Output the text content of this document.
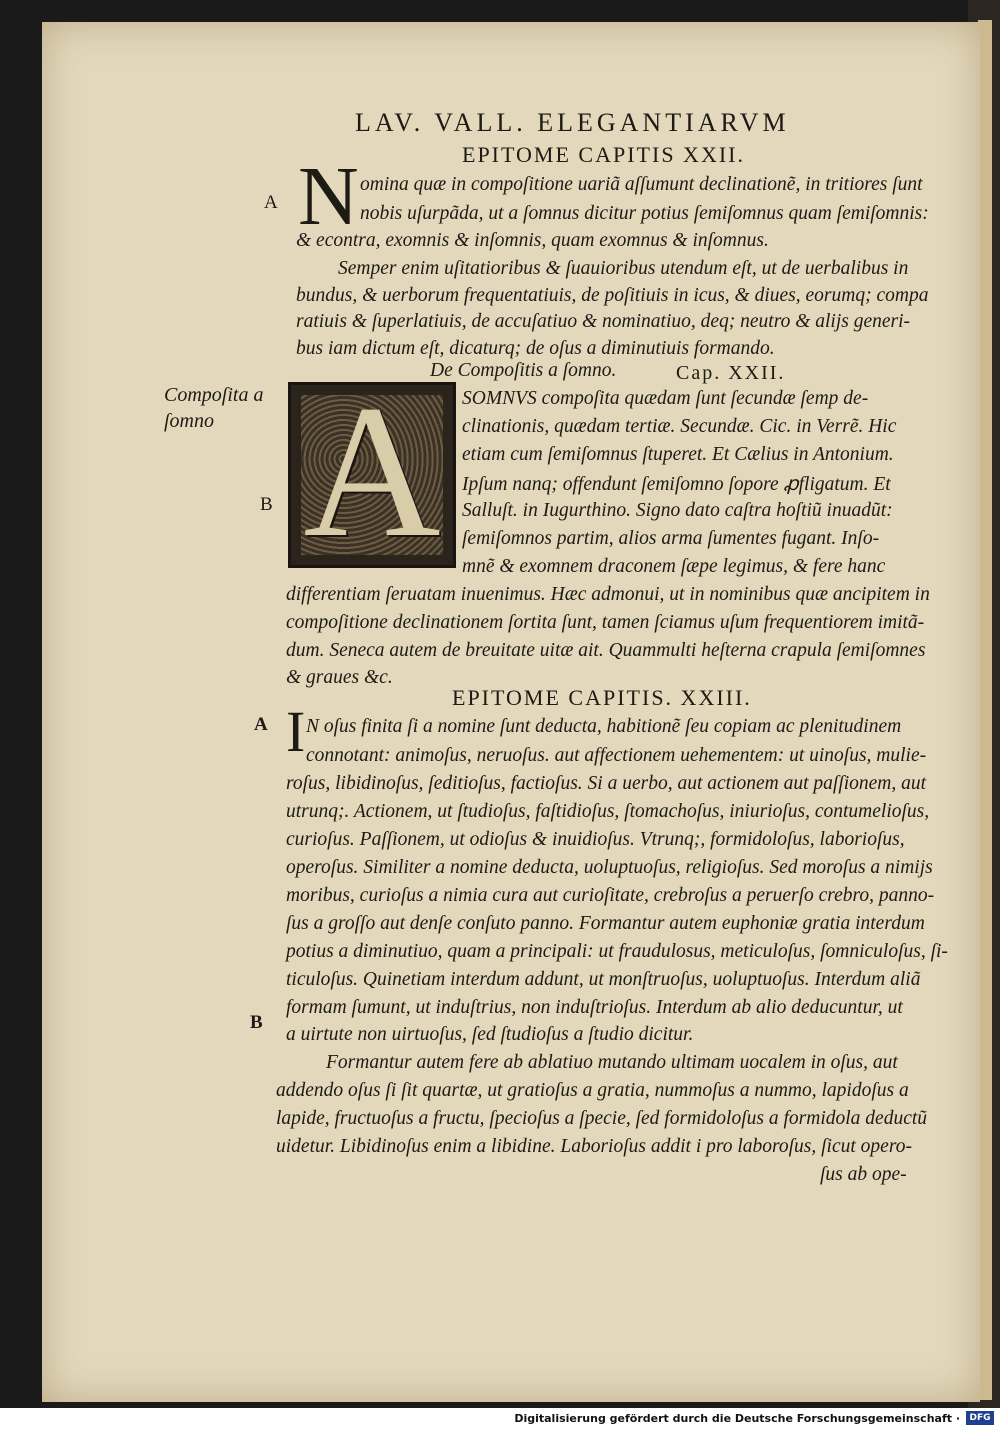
LAV. VALL. ELEGANTIARVM
EPITOME CAPITIS XXII.
A N omina quæ in compoſitione uariã aſſumunt declinationẽ, in tritiores ſunt
nobis uſurpãda, ut a ſomnus dicitur potius ſemiſomnus quam ſemiſomnis:
& econtra, exomnis & inſomnis, quam exomnus & inſomnus.
Semper enim uſitatioribus & ſuauioribus utendum eſt, ut de uerbalibus in
bundus, & uerborum frequentatiuis, de poſitiuis in icus, & diues, eorumq; compa
ratiuis & ſuperlatiuis, de accuſatiuo & nominatiuo, deq; neutro & alijs generi-
bus iam dictum eſt, dicaturq; de oſus a diminutiuis formando.
De Compoſitis a ſomno.	Cap. XXII.
Compoſita a ſomno A
B
SOMNVS compoſita quædam ſunt ſecundæ ſemp de-
clinationis, quædam tertiæ. Secundæ. Cic. in Verrẽ. Hic
etiam cum ſemiſomnus ſtuperet. Et Cælius in Antonium.
Ipſum nanq; offendunt ſemiſomno ſopore ꝓfligatum. Et
Salluſt. in Iugurthino. Signo dato caſtra hoſtiũ inuadũt:
ſemiſomnos partim, alios arma ſumentes fugant. Inſo-
mnẽ & exomnem draconem ſæpe legimus, & fere hanc
differentiam ſeruatam inuenimus. Hæc admonui, ut in nominibus quæ ancipitem in
compoſitione declinationem ſortita ſunt, tamen ſciamus uſum frequentiorem imitã-
dum. Seneca autem de breuitate uitæ ait. Quammulti heſterna crapula ſemiſomnes
& graues &c.
EPITOME CAPITIS. XXIII.
A I N oſus finita ſi a nomine ſunt deducta, habitionẽ ſeu copiam ac plenitudinem
connotant: animoſus, neruoſus. aut affectionem uehementem: ut uinoſus, mulie-
roſus, libidinoſus, ſeditioſus, factioſus. Si a uerbo, aut actionem aut paſſionem, aut
utrunq;. Actionem, ut ſtudioſus, faſtidioſus, ſtomachoſus, iniurioſus, contumelioſus,
curioſus. Paſſionem, ut odioſus & inuidioſus. Vtrunq;, formidoloſus, laborioſus,
operoſus. Similiter a nomine deducta, uoluptuoſus, religioſus. Sed moroſus a nimijs
moribus, curioſus a nimia cura aut curioſitate, crebroſus a peruerſo crebro, panno-
ſus a groſſo aut denſe conſuto panno. Formantur autem euphoniæ gratia interdum
potius a diminutiuo, quam a principali: ut fraudulosus, meticuloſus, ſomniculoſus, ſi-
ticuloſus. Quinetiam interdum addunt, ut monſtruoſus, uoluptuoſus. Interdum aliã
formam ſumunt, ut induſtrius, non induſtrioſus. Interdum ab alio deducuntur, ut
B
a uirtute non uirtuoſus, ſed ſtudioſus a ſtudio dicitur.
Formantur autem fere ab ablatiuo mutando ultimam uocalem in oſus, aut
addendo oſus ſi ſit quartæ, ut gratioſus a gratia, nummoſus a nummo, lapidoſus a
lapide, fructuoſus a fructu, ſpecioſus a ſpecie, ſed formidoloſus a formidola deductũ
uidetur. Libidinoſus enim a libidine. Laborioſus addit i pro laboroſus, ſicut opero-
ſus ab ope-
Digitalisierung gefördert durch die Deutsche Forschungsgemeinschaft ·	DFG
